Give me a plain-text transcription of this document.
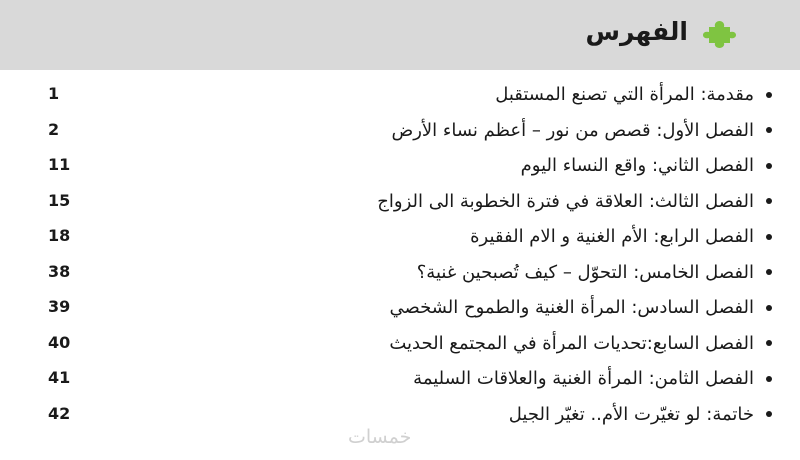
الفهرس
مقدمة: المرأة التي تصنع المستقبل
1
الفصل الأول: قصص من نور – أعظم نساء الأرض
2
الفصل الثاني: واقع النساء اليوم
11
الفصل الثالث: العلاقة في فترة الخطوبة الى الزواج
15
الفصل الرابع: الأم الغنية و الام الفقيرة
18
الفصل الخامس: التحوّل – كيف تُصبحين غنية؟
38
الفصل السادس: المرأة الغنية والطموح الشخصي
39
الفصل السابع:تحديات المرأة في المجتمع الحديث
40
الفصل الثامن: المرأة الغنية والعلاقات السليمة
41
خاتمة: لو تغيّرت الأم.. تغيّر الجيل
42
خمسات
